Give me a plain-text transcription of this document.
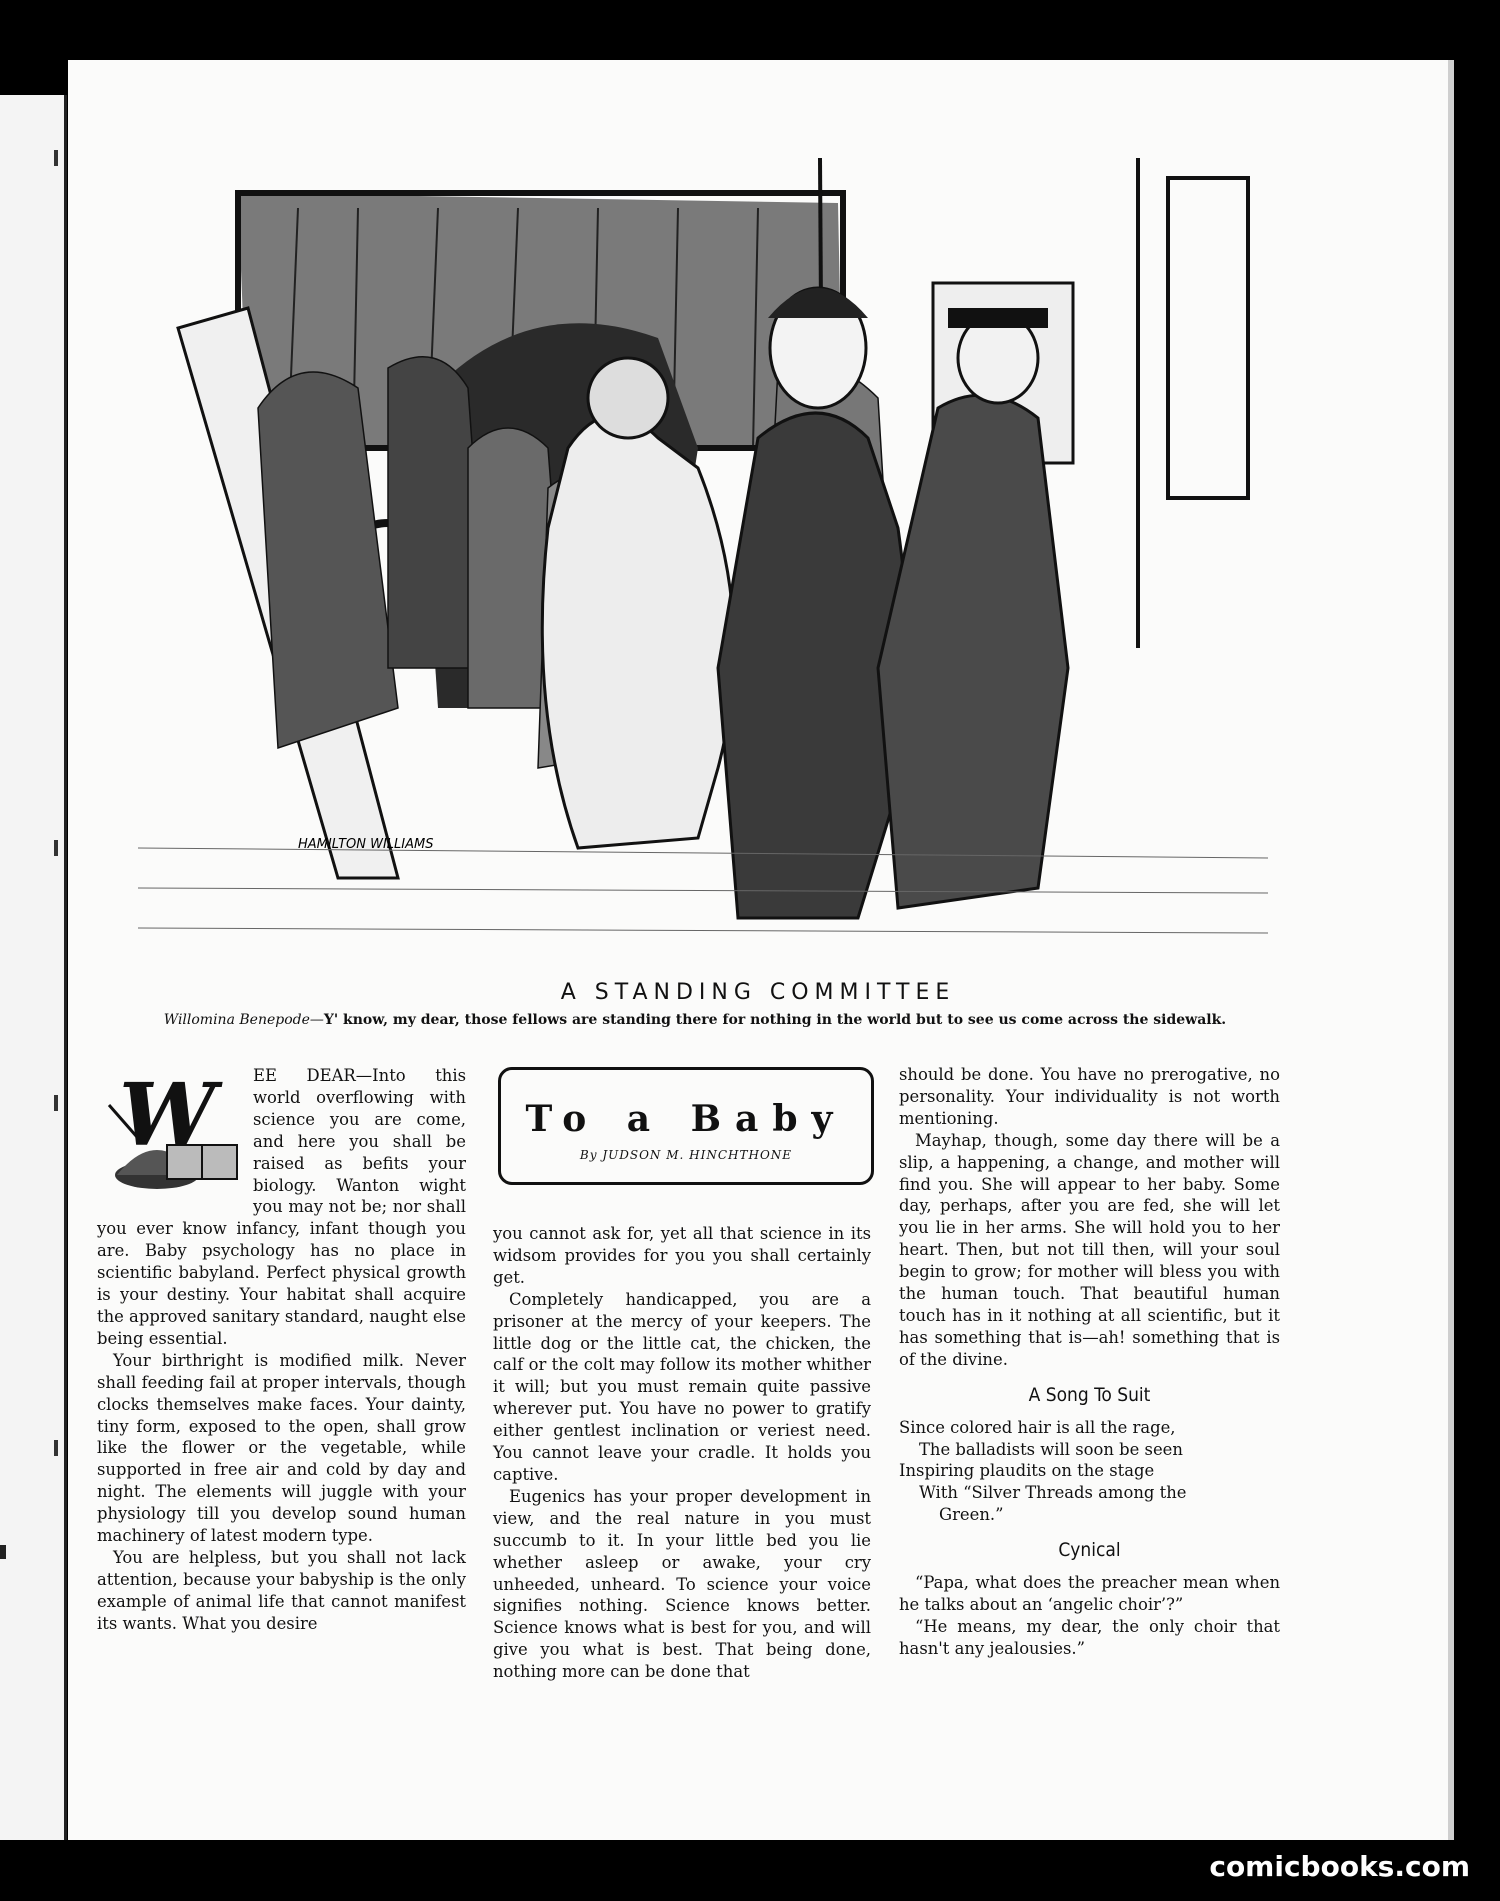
HAMILTON WILLIAMS
A STANDING COMMITTEE
Willomina Benepode—Y' know, my dear, those fellows are standing there for nothing in the world but to see us come across the sidewalk.
W	EE DEAR—Into this world overflowing with science you are come, and here you shall be raised as befits your biology. Wanton wight you may not be; nor shall you ever know infancy, infant though you are. Baby psychology has no place in scientific babyland. Perfect physical growth is your destiny. Your habitat shall acquire the approved sanitary standard, naught else being essential.

Your birthright is modified milk. Never shall feeding fail at proper intervals, though clocks themselves make faces. Your dainty, tiny form, exposed to the open, shall grow like the flower or the vegetable, while supported in free air and cold by day and night. The elements will juggle with your physiology till you develop sound human machinery of latest modern type.

You are helpless, but you shall not lack attention, because your babyship is the only example of animal life that cannot manifest its wants. What you desire

To a Baby
By JUDSON M. HINCHTHONE

you cannot ask for, yet all that science in its widsom provides for you you shall certainly get.

Completely handicapped, you are a prisoner at the mercy of your keepers. The little dog or the little cat, the chicken, the calf or the colt may follow its mother whither it will; but you must remain quite passive wherever put. You have no power to gratify either gentlest inclination or veriest need. You cannot leave your cradle. It holds you captive.

Eugenics has your proper development in view, and the real nature in you must succumb to it. In your little bed you lie whether asleep or awake, your cry unheeded, unheard. To science your voice signifies nothing. Science knows better. Science knows what is best for you, and will give you what is best. That being done, nothing more can be done that

should be done. You have no prerogative, no personality. Your individuality is not worth mentioning.

Mayhap, though, some day there will be a slip, a happening, a change, and mother will find you. She will appear to her baby. Some day, perhaps, after you are fed, she will let you lie in her arms. She will hold you to her heart. Then, but not till then, will your soul begin to grow; for mother will bless you with the human touch. That beautiful human touch has in it nothing at all scientific, but it has something that is—ah! something that is of the divine.

A Song To Suit
Since colored hair is all the rage,
The balladists will soon be seen
Inspiring plaudits on the stage
With “Silver Threads among the
Green.”
Cynical

“Papa, what does the preacher mean when he talks about an ‘angelic choir’?”

“He means, my dear, the only choir that hasn't any jealousies.”

comicbooks.com
